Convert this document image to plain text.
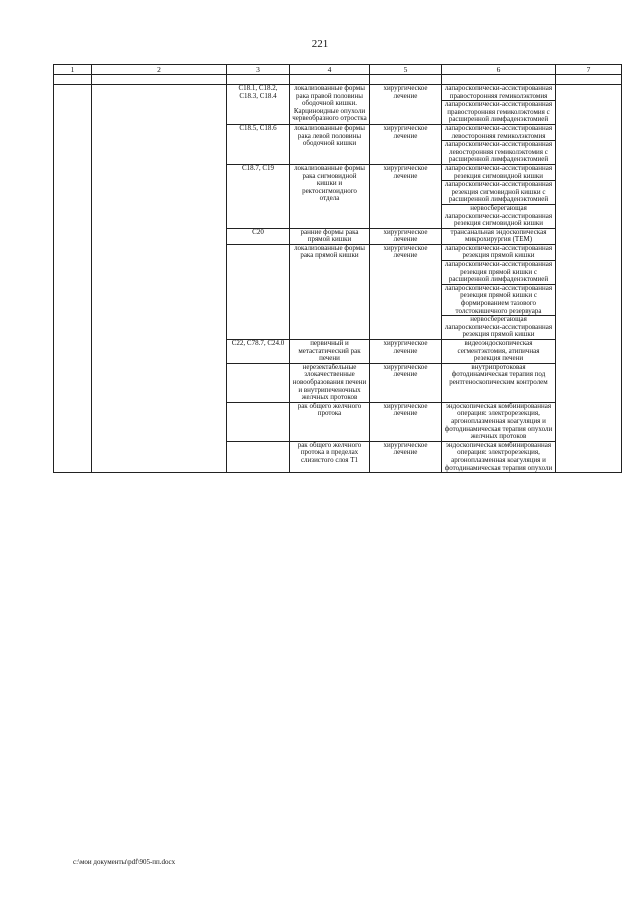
221
1	2	3	4	5	6	7

		C18.1, C18.2, C18.3, C18.4	локализованные формы рака правой половины ободочной кишки. Карциноидные опухоли червеобразного отростка	хирургическое лечение	лапароскопически-ассистированная правосторонняя гемиколэктомия	
					лапароскопически-ассистированная правосторонняя гемиколэктомия с расширенной лимфаденэктомией	
		C18.5, C18.6	локализованные формы рака левой половины ободочной кишки	хирургическое лечение	лапароскопически-ассистированная левосторонняя гемиколэктомия	
					лапароскопически-ассистированная левосторонняя гемиколэктомия с расширенной лимфаденэктомией	
		C18.7, C19	локализованные формы рака сигмовидной кишки и ректосигмоидного отдела	хирургическое лечение	лапароскопически-ассистированная резекция сигмовидной кишки	
					лапароскопически-ассистированная резекция сигмовидной кишки с расширенной лимфаденэктомией	
					нервосберегающая лапароскопически-ассистированная резекция сигмовидной кишки	
		C20	ранние формы рака прямой кишки	хирургическое лечение	трансанальная эндоскопическая микрохирургия (ТЕМ)	
			локализованные формы рака прямой кишки	хирургическое лечение	лапароскопически-ассистированная резекция прямой кишки	
					лапароскопически-ассистированная резекция прямой кишки с расширенной лимфаденэктомией	
					лапароскопически-ассистированная резекция прямой кишки с формированием тазового толстокишечного резервуара	
					нервосберегающая лапароскопически-ассистированная резекция прямой кишки	
		C22, C78.7, C24.0	первичный и метастатический рак печени	хирургическое лечение	видеоэндоскопическая сегментэктомия, атипичная резекция печени	
			нерезектабельные злокачественные новообразования печени и внутрипеченочных желчных протоков	хирургическое лечение	внутрипротоковая фотодинамическая терапия под рентгеноскопическим контролем	
			рак общего желчного протока	хирургическое лечение	эндоскопическая комбинированная операция: электрорезекция, аргоноплазменная коагуляция и фотодинамическая терапия опухоли желчных протоков	
			рак общего желчного протока в пределах слизистого слоя T1	хирургическое лечение	эндоскопическая комбинированная операция: электрорезекция, аргоноплазменная коагуляция и фотодинамическая терапия опухоли	
c:\мои документы\pdf\905-пп.docx
